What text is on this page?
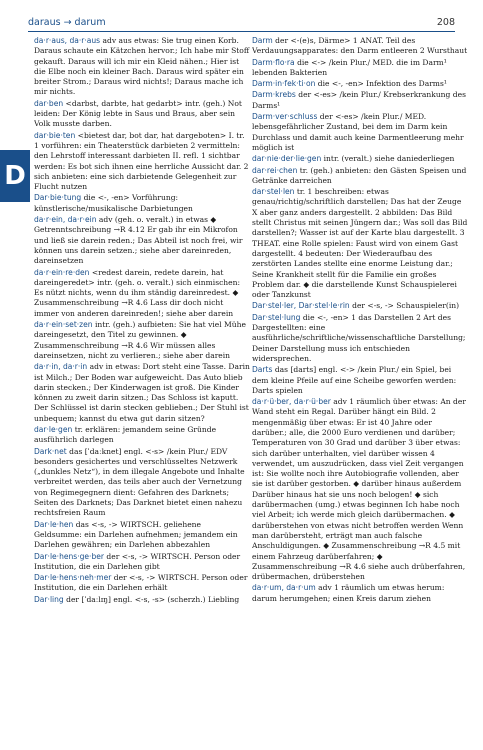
daraus → darum	208
D
da·r·aus, da·r·aus adv aus etwas: Sie trug einen Korb. Daraus schaute ein Kätzchen hervor.; Ich habe mir Stoff gekauft. Daraus will ich mir ein Kleid nähen.; Hier ist die Elbe noch ein kleiner Bach. Daraus wird später ein breiter Strom.; Daraus wird nichts!; Daraus mache ich mir nichts.
dar·ben <darbst, darbte, hat gedarbt> intr. (geh.) Not leiden: Der König lebte in Saus und Braus, aber sein Volk musste darben.
dar·bie·ten <bietest dar, bot dar, hat dargeboten> I. tr. 1 vorführen: ein Theaterstück darbieten 2 vermitteln: den Lehrstoff interessant darbieten II. refl. 1 sichtbar werden: Es bot sich ihnen eine herrliche Aussicht dar. 2 sich anbieten: eine sich darbietende Gelegenheit zur Flucht nutzen
Dar·bie·tung die <-, -en> Vorführung: künstlerische/musikalische Darbietungen
da·r·ein, da·r·ein adv (geh. o. veralt.) in etwas ◆ Getrenntschreibung →R 4.12 Er gab ihr ein Mikrofon und ließ sie darein reden.; Das Abteil ist noch frei, wir können uns darein setzen.; siehe aber dareinreden, dareinsetzen
da·r·ein·re·den <redest darein, redete darein, hat dareingeredet> intr. (geh. o. veralt.) sich einmischen: Es nützt nichts, wenn du ihm ständig dareinredest. ◆ Zusammenschreibung →R 4.6 Lass dir doch nicht immer von anderen dareinreden!; siehe aber darein
da·r·ein·set·zen intr. (geh.) aufbieten: Sie hat viel Mühe dareingesetzt, den Titel zu gewinnen. ◆ Zusammenschreibung →R 4.6 Wir müssen alles dareinsetzen, nicht zu verlieren.; siehe aber darein
da·r·in, da·r·in adv in etwas: Dort steht eine Tasse. Darin ist Milch.; Der Boden war aufgeweicht. Das Auto blieb darin stecken.; Der Kinderwagen ist groß. Die Kinder können zu zweit darin sitzen.; Das Schloss ist kaputt. Der Schlüssel ist darin stecken geblieben.; Der Stuhl ist unbequem; kannst du etwa gut darin sitzen?
dar·le·gen tr. erklären: jemandem seine Gründe ausführlich darlegen
Dark·net das [ˈdaːknet] engl. <-s> /kein Plur./ EDV besonders gesichertes und verschlüsseltes Netzwerk („dunkles Netz“), in dem illegale Angebote und Inhalte verbreitet werden, das teils aber auch der Vernetzung von Regimegegnern dient: Gefahren des Darknets; Seiten des Darknets; Das Darknet bietet einen nahezu rechtsfreien Raum
Dar·le·hen das <-s, -> WIRTSCH. geliehene Geldsumme: ein Darlehen aufnehmen; jemandem ein Darlehen gewähren; ein Darlehen abbezahlen
Dar·le·hens·ge·ber der <-s, -> WIRTSCH. Person oder Institution, die ein Darlehen gibt
Dar·le·hens·neh·mer der <-s, -> WIRTSCH. Person oder Institution, die ein Darlehen erhält
Dar·ling der [ˈdaːlɪŋ] engl. <-s, -s> (scherzh.) Liebling
Darm der <-(e)s, Därme> 1 ANAT. Teil des Verdauungsapparates: den Darm entleeren 2 Wursthaut
Darm·flo·ra die <-> /kein Plur./ MED. die im Darm¹ lebenden Bakterien
Darm·in·fek·ti·on die <-, -en> Infektion des Darms¹
Darm·krebs der <-es> /kein Plur./ Krebserkrankung des Darms¹
Darm·ver·schluss der <-es> /kein Plur./ MED. lebensgefährlicher Zustand, bei dem im Darm kein Durchlass und damit auch keine Darmentleerung mehr möglich ist
dar·nie·der·lie·gen intr. (veralt.) siehe daniederliegen
dar·rei·chen tr. (geh.) anbieten: den Gästen Speisen und Getränke darreichen
dar·stel·len tr. 1 beschreiben: etwas genau/richtig/schriftlich darstellen; Das hat der Zeuge X aber ganz anders dargestellt. 2 abbilden: Das Bild stellt Christus mit seinen Jüngern dar.; Was soll das Bild darstellen?; Wasser ist auf der Karte blau dargestellt. 3 THEAT. eine Rolle spielen: Faust wird von einem Gast dargestellt. 4 bedeuten: Der Wiederaufbau des zerstörten Landes stellte eine enorme Leistung dar.; Seine Krankheit stellt für die Familie ein großes Problem dar. ◆ die darstellende Kunst Schauspielerei oder Tanzkunst
Dar·stel·ler, Dar·stel·le·rin der <-s, -> Schauspieler(in)
Dar·stel·lung die <-, -en> 1 das Darstellen 2 Art des Dargestellten: eine ausführliche/schriftliche/wissenschaftliche Darstellung; Deiner Darstellung muss ich entschieden widersprechen.
Darts das [darts] engl. <-> /kein Plur./ ein Spiel, bei dem kleine Pfeile auf eine Scheibe geworfen werden: Darts spielen
da·r·ü·ber, da·r·ü·ber adv 1 räumlich über etwas: An der Wand steht ein Regal. Darüber hängt ein Bild. 2 mengenmäßig über etwas: Er ist 40 Jahre oder darüber.; alle, die 2000 Euro verdienen und darüber; Temperaturen von 30 Grad und darüber 3 über etwas: sich darüber unterhalten, viel darüber wissen 4 verwendet, um auszudrücken, dass viel Zeit vergangen ist: Sie wollte noch ihre Autobiografie vollenden, aber sie ist darüber gestorben. ◆ darüber hinaus außerdem Darüber hinaus hat sie uns noch belogen! ◆ sich darübermachen (umg.) etwas beginnen Ich habe noch viel Arbeit; ich werde mich gleich darübermachen. ◆ darüberstehen von etwas nicht betroffen werden Wenn man darübersteht, erträgt man auch falsche Anschuldigungen. ◆ Zusammenschreibung →R 4.5 mit einem Fahrzeug darüberfahren; ◆ Zusammenschreibung →R 4.6 siehe auch drüberfahren, drübermachen, drüberstehen
da·r·um, da·r·um adv 1 räumlich um etwas herum: darum herumgehen; einen Kreis darum ziehen
